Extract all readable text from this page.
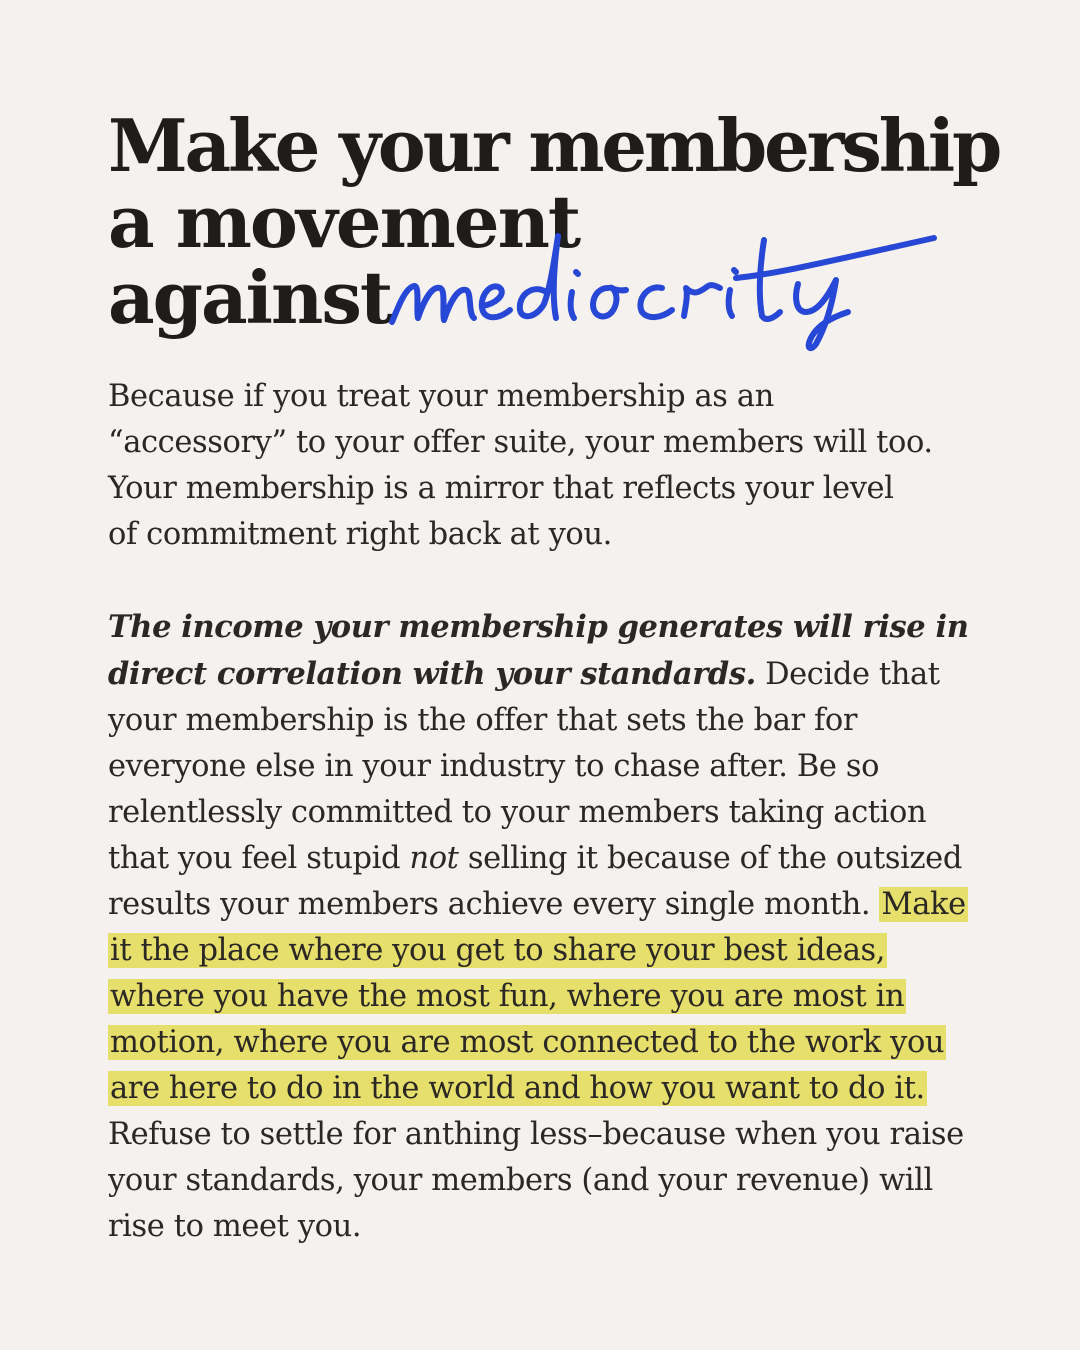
Make your membership
a movement
against

Because if you treat your membership as an
“accessory” to your offer suite, your members will too.
Your membership is a mirror that reflects your level
of commitment right back at you.

The income your membership generates will rise in direct correlation with your standards. Decide that your membership is the offer that sets the bar for everyone else in your industry to chase after. Be so relentlessly committed to your members taking action that you feel stupid not selling it because of the outsized results your members achieve every single month. Make it the place where you get to share your best ideas, where you have the most fun, where you are most in motion, where you are most connected to the work you are here to do in the world and how you want to do it. Refuse to settle for anthing less–because when you raise your standards, your members (and your revenue) will rise to meet you.
